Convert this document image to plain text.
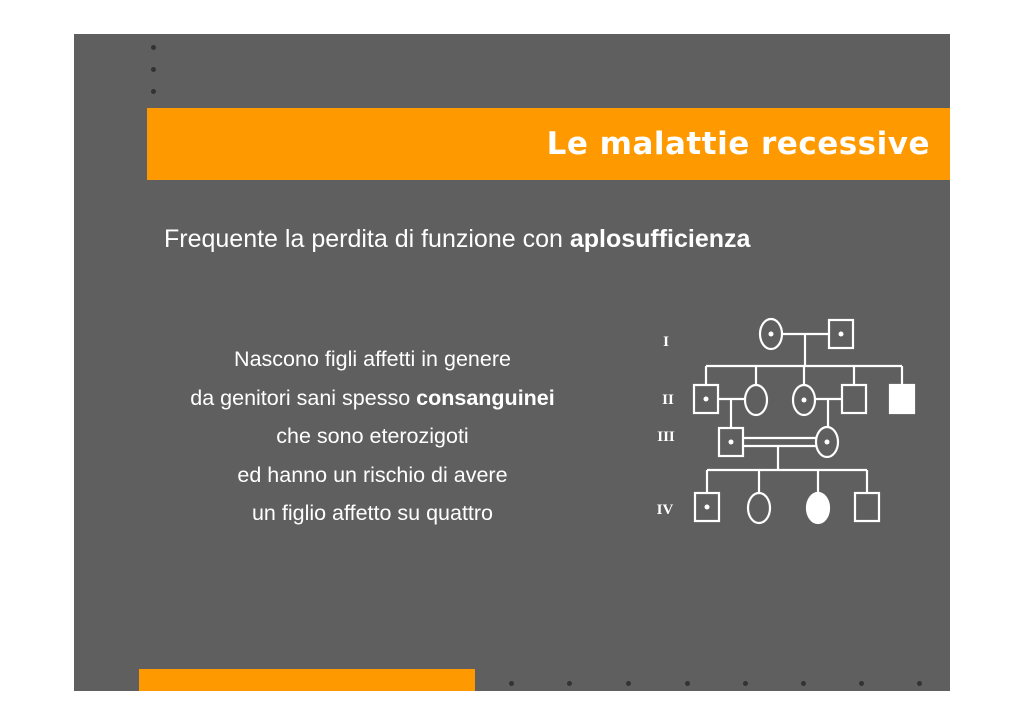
Le malattie recessive
Frequente la perdita di funzione con aplosufficienza
Nascono figli affetti in genere
da genitori sani spesso consanguinei
che sono eterozigoti
ed hanno un rischio di avere
un figlio affetto su quattro
I
II
III
IV
